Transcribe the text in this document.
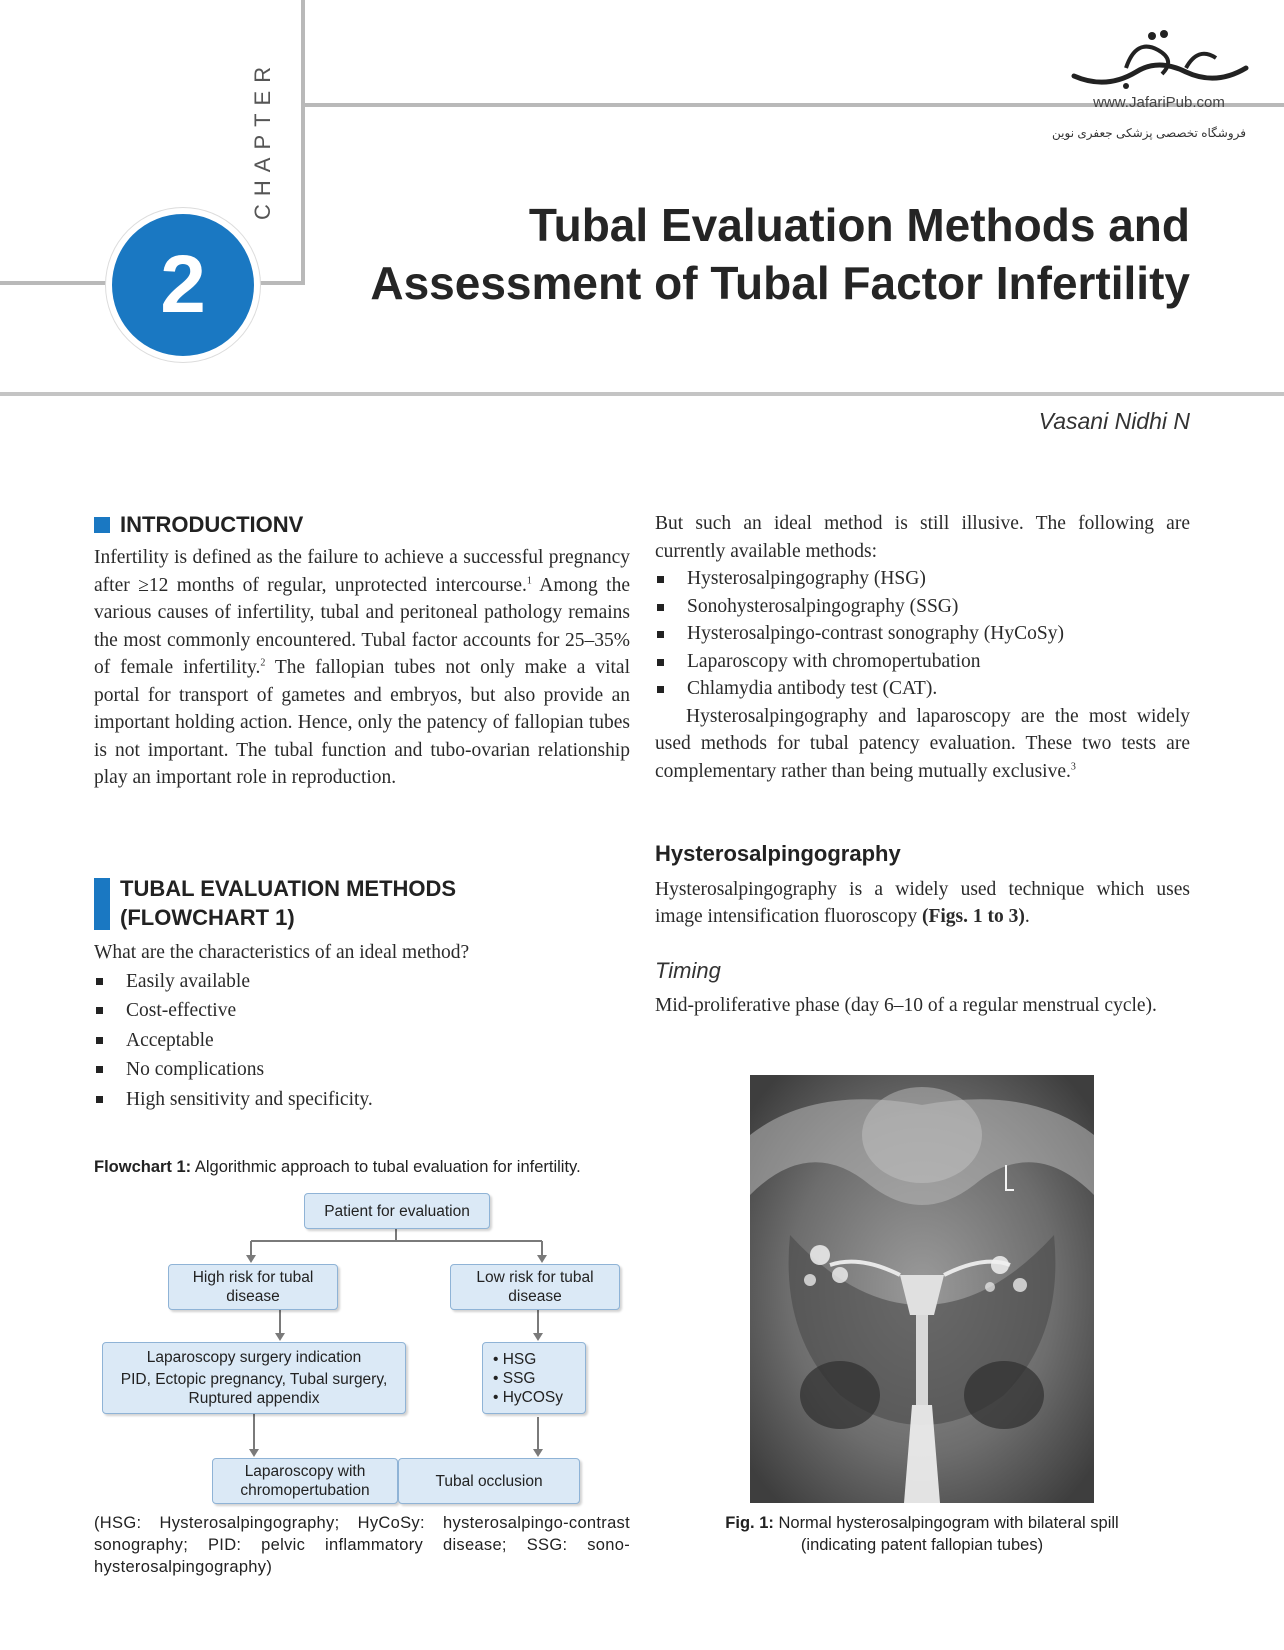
CHAPTER
2
Tubal Evaluation Methods and
Assessment of Tubal Factor Infertility
Vasani Nidhi N
www.JafariPub.com
فروشگاه تخصصی پزشکی جعفری نوین
INTRODUCTIONV

Infertility is defined as the failure to achieve a successful pregnancy after ≥12 months of regular, unprotected intercourse.$^1$ Among the various causes of infertility, tubal and peritoneal pathology remains the most commonly encountered. Tubal factor accounts for 25–35% of female infertility.$^2$ The fallopian tubes not only make a vital portal for transport of gametes and embryos, but also provide an important holding action. Hence, only the patency of fallopian tubes is not important. The tubal function and tubo-ovarian relationship play an important role in reproduction.

TUBAL EVALUATION METHODS
(FLOWCHART 1)

What are the characteristics of an ideal method?

Easily available
Cost-effective
Acceptable
No complications
High sensitivity and specificity.
Flowchart 1: Algorithmic approach to tubal evaluation for infertility.
Patient for evaluation
High risk for tubal disease
Low risk for tubal disease
Laparoscopy surgery indication
PID, Ectopic pregnancy, Tubal surgery, Ruptured appendix
• HSG
• SSG
• HyCOSy
Laparoscopy with chromopertubation
Tubal occlusion
(HSG: Hysterosalpingography; HyCoSy: hysterosalpingo-contrast sonography; PID: pelvic inflammatory disease; SSG: sono-hysterosalpingography)

But such an ideal method is still illusive. The following are currently available methods:

Hysterosalpingography (HSG)
Sonohysterosalpingography (SSG)
Hysterosalpingo-contrast sonography (HyCoSy)
Laparoscopy with chromopertubation
Chlamydia antibody test (CAT).

Hysterosalpingography and laparoscopy are the most widely used methods for tubal patency evaluation. These two tests are complementary rather than being mutually exclusive.$^3$

Hysterosalpingography

Hysterosalpingography is a widely used technique which uses image intensification fluoroscopy (Figs. 1 to 3).

Timing

Mid-proliferative phase (day 6–10 of a regular menstrual cycle).

Fig. 1: Normal hysterosalpingogram with bilateral spill
(indicating patent fallopian tubes)
